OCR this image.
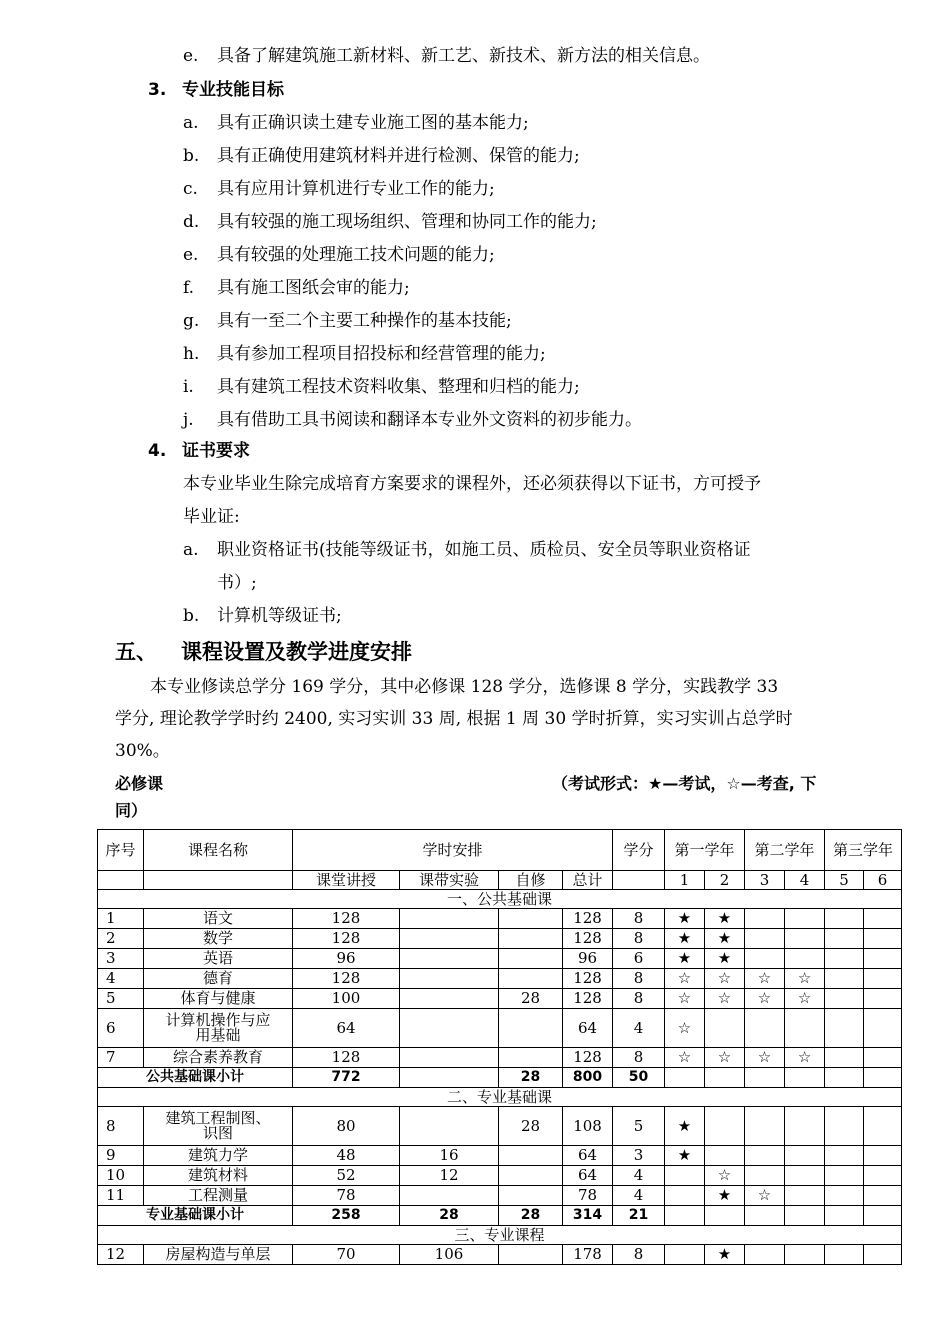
e. 具备了解建筑施工新材料、新工艺、新技术、新方法的相关信息。
3. 专业技能目标
a. 具有正确识读土建专业施工图的基本能力;
b. 具有正确使用建筑材料并进行检测、保管的能力;
c. 具有应用计算机进行专业工作的能力;
d. 具有较强的施工现场组织、管理和协同工作的能力;
e. 具有较强的处理施工技术问题的能力;
f. 具有施工图纸会审的能力;
g. 具有一至二个主要工种操作的基本技能;
h. 具有参加工程项目招投标和经营管理的能力;
i. 具有建筑工程技术资料收集、整理和归档的能力;
j. 具有借助工具书阅读和翻译本专业外文资料的初步能力。
4. 证书要求
本专业毕业生除完成培育方案要求的课程外，还必须获得以下证书，方可授予
毕业证:
a. 职业资格证书(技能等级证书，如施工员、质检员、安全员等职业资格证
书）;
b. 计算机等级证书;
五、 课程设置及教学进度安排
本专业修读总学分 169 学分，其中必修课 128 学分，选修课 8 学分，实践教学 33
学分, 理论教学学时约 2400, 实习实训 33 周, 根据 1 周 30 学时折算，实习实训占总学时
30%。
必修课	（考试形式：★—考试，☆—考查, 下
同）
序号	课程名称	学时安排				学分	第一学年		第二学年		第三学年	
		课堂讲授	课带实验	自修	总计		1	2	3	4	5	6
一、公共基础课												
1	语文	128			128	8	★	★				
2	数学	128			128	8	★	★				
3	英语	96			96	6	★	★				
4	德育	128			128	8	☆	☆	☆	☆		
5	体育与健康	100		28	128	8	☆	☆	☆	☆		
6	计算机操作与应用基础	64			64	4	☆					
7	综合素养教育	128			128	8	☆	☆	☆	☆		
公共基础课小计		772		28	800	50						
二、专业基础课												
8	建筑工程制图、识图	80		28	108	5	★					
9	建筑力学	48	16		64	3	★					
10	建筑材料	52	12		64	4		☆				
11	工程测量	78			78	4		★	☆			
专业基础课小计		258	28	28	314	21						
三、专业课程												
12	房屋构造与单层	70	106		178	8		★				
